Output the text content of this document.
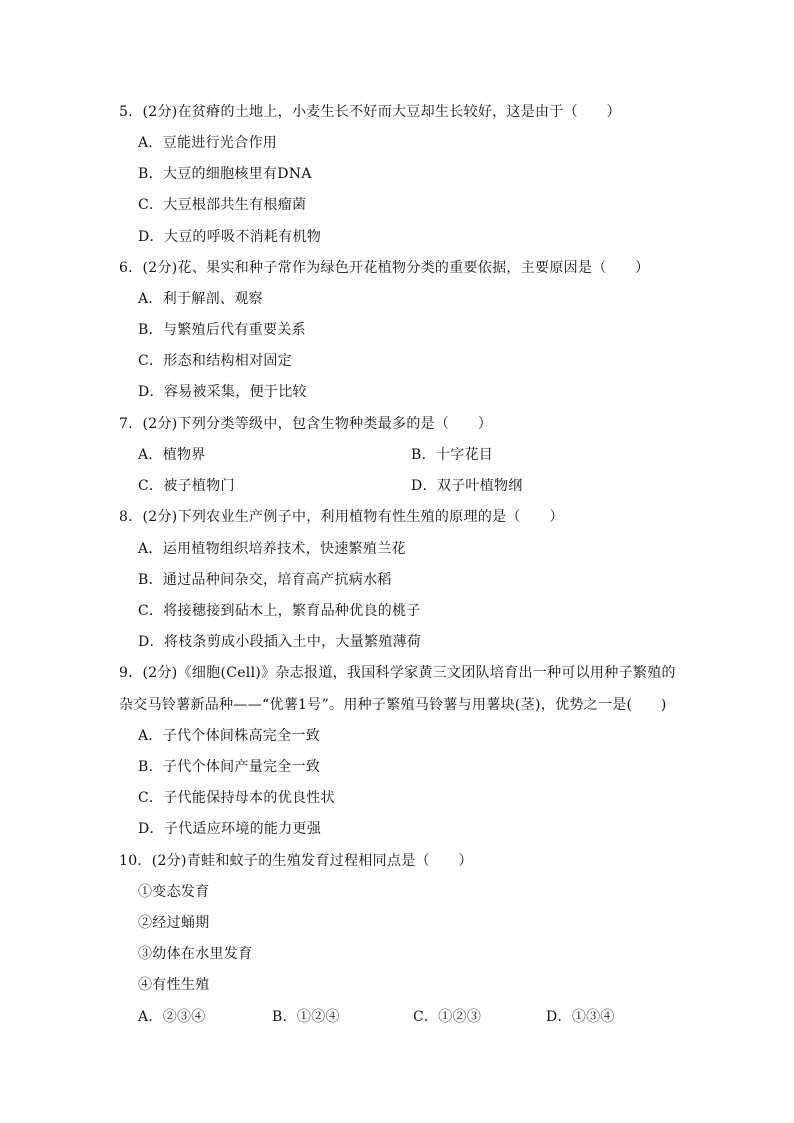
5．(2分)在贫瘠的土地上，小麦生长不好而大豆却生长较好，这是由于（　　）
A．豆能进行光合作用
B．大豆的细胞核里有DNA
C．大豆根部共生有根瘤菌
D．大豆的呼吸不消耗有机物
6．(2分)花、果实和种子常作为绿色开花植物分类的重要依据，主要原因是（　　）
A．利于解剖、观察
B．与繁殖后代有重要关系
C．形态和结构相对固定
D．容易被采集，便于比较
7．(2分)下列分类等级中，包含生物种类最多的是（　　）
A．植物界	B．十字花目
C．被子植物门	D．双子叶植物纲
8．(2分)下列农业生产例子中，利用植物有性生殖的原理的是（　　）
A．运用植物组织培养技术，快速繁殖兰花
B．通过品种间杂交，培育高产抗病水稻
C．将接穗接到砧木上，繁育品种优良的桃子
D．将枝条剪成小段插入土中，大量繁殖薄荷
9．(2分)《细胞(Cell)》杂志报道，我国科学家黄三文团队培育出一种可以用种子繁殖的
杂交马铃薯新品种——“优薯1号”。用种子繁殖马铃薯与用薯块(茎)，优势之一是(　　)
A．子代个体间株高完全一致
B．子代个体间产量完全一致
C．子代能保持母本的优良性状
D．子代适应环境的能力更强
10．(2分)青蛙和蚊子的生殖发育过程相同点是（　　）
①变态发育
②经过蛹期
③幼体在水里发育
④有性生殖
A．②③④	B．①②④	C．①②③	D．①③④
